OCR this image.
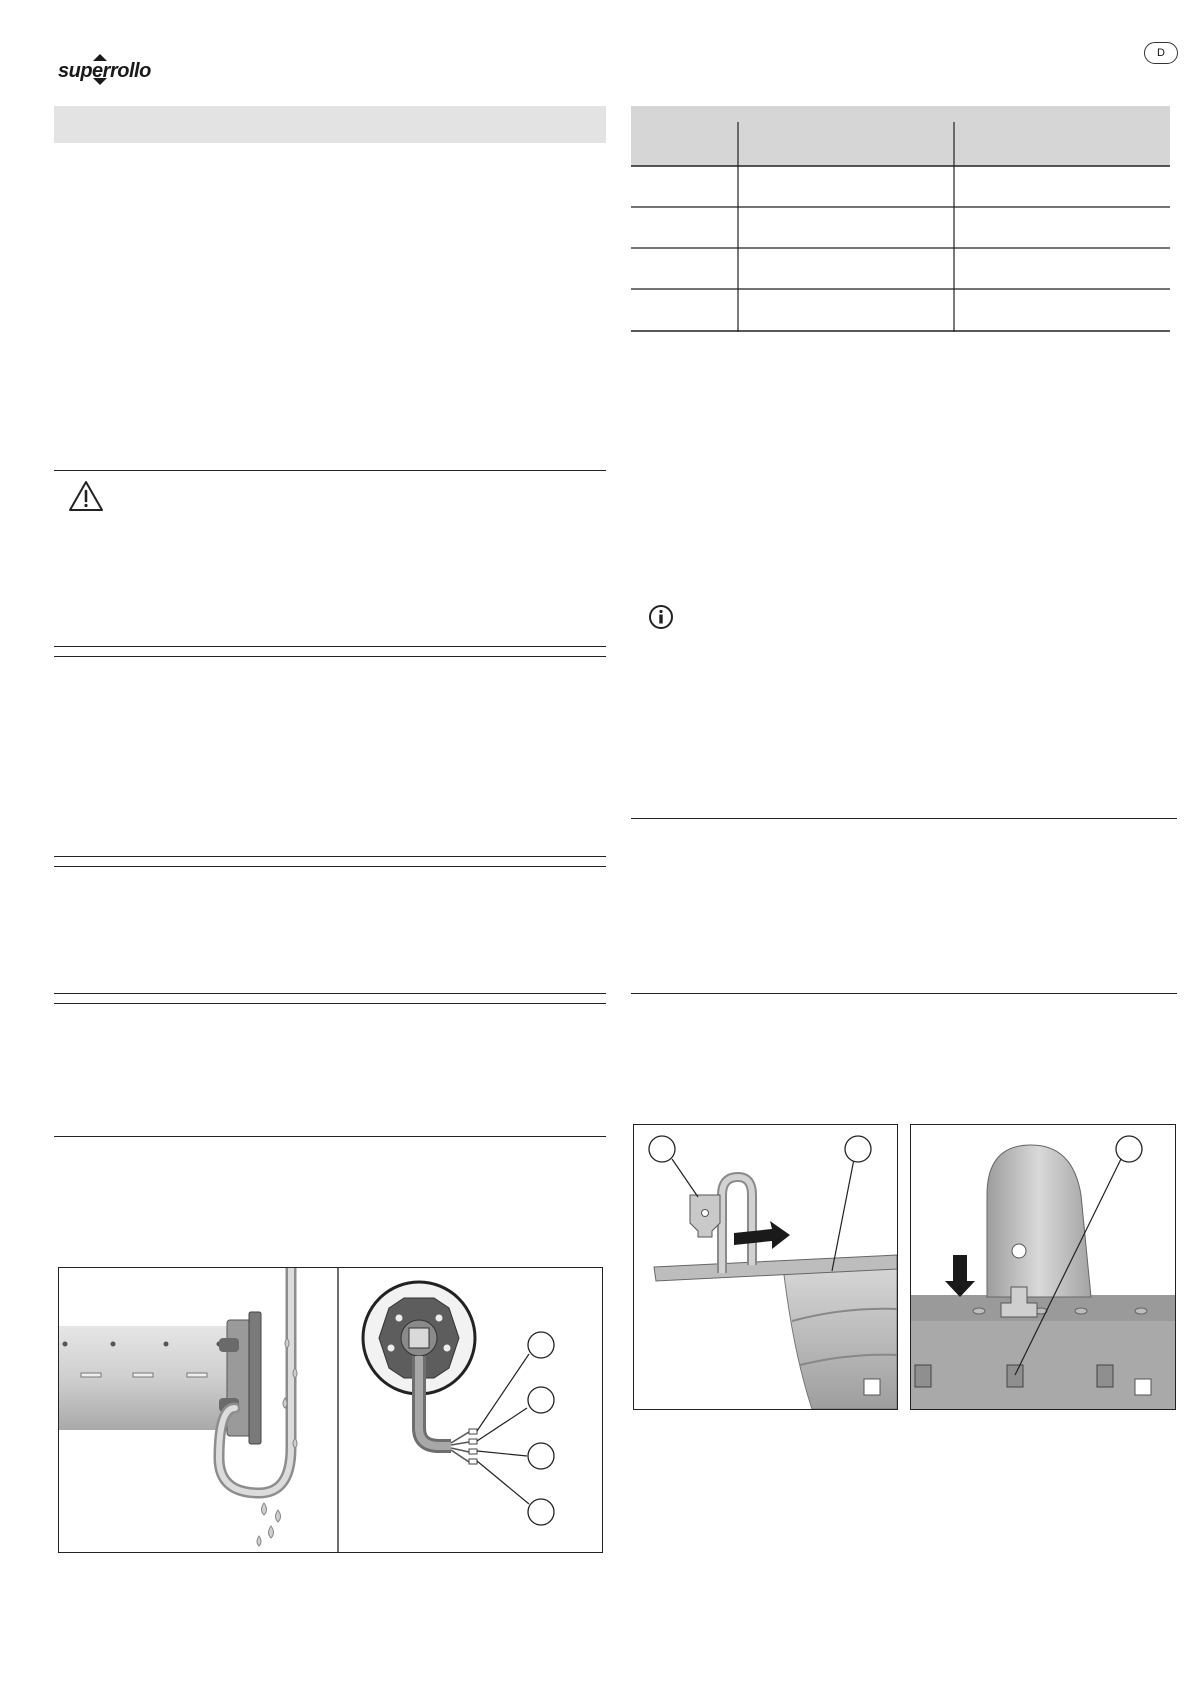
superrollo
D
